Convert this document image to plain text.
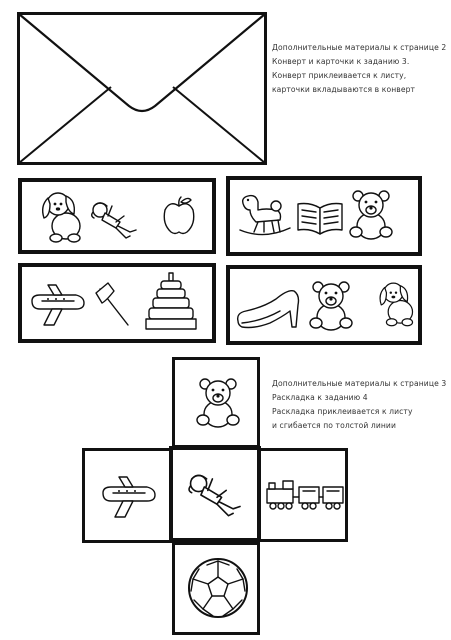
Дополнительные материалы к странице 2
Конверт и карточки к заданию 3.
Конверт приклеивается к листу,
карточки вкладываются в конверт
Дополнительные материалы к странице 3
Раскладка к заданию 4
Раскладка приклеивается к листу
и сгибается по толстой линии
